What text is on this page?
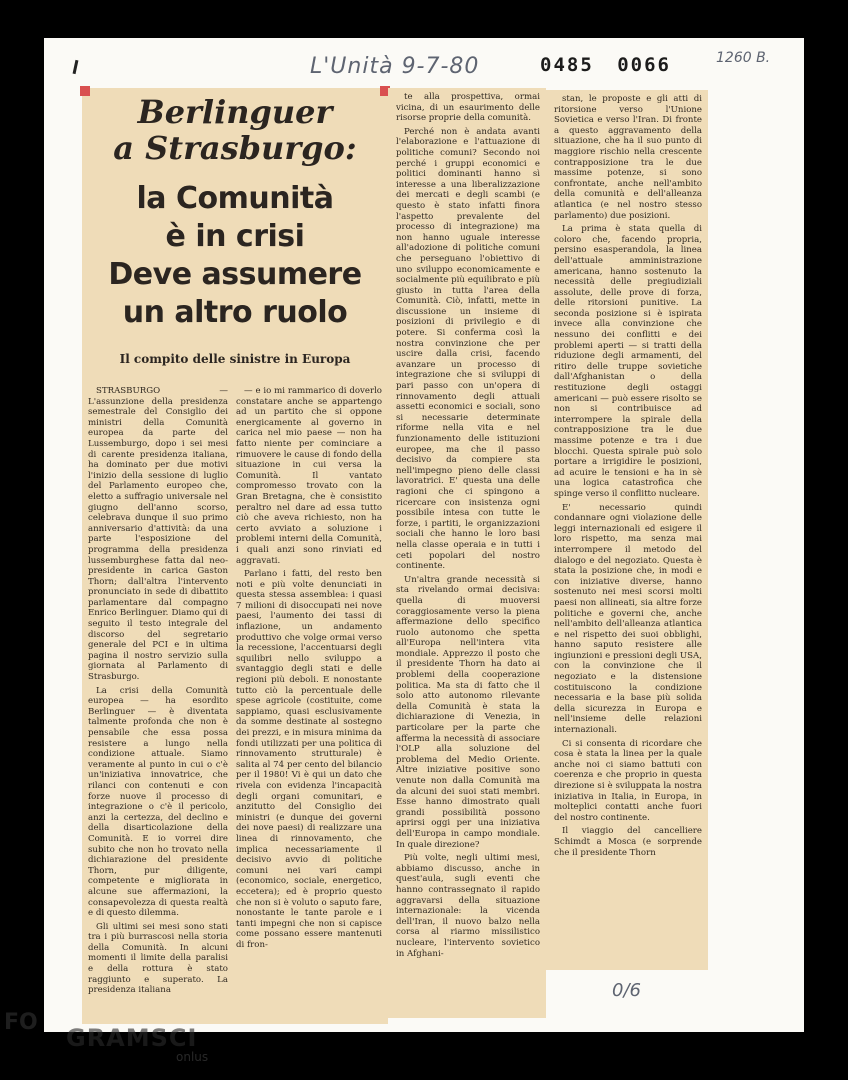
L'Unità 9-7-80	0485 0066	1260 B.
Berlinguer
a Strasburgo:
la Comunità
è in crisi
Deve assumere
un altro ruolo
Il compito delle sinistre in Europa

STRASBURGO — L'assunzione della presidenza semestrale del Consiglio dei ministri della Comunità europea da parte del Lussemburgo, dopo i sei mesi di carente presidenza italiana, ha dominato per due motivi l'inizio della sessione di luglio del Parlamento europeo che, eletto a suffragio universale nel giugno dell'anno scorso, celebrava dunque il suo primo anniversario d'attività: da una parte l'esposizione del programma della presidenza lussemburghese fatta dal neo-presidente in carica Gaston Thorn; dall'altra l'intervento pronunciato in sede di dibattito parlamentare dal compagno Enrico Berlinguer. Diamo qui di seguito il testo integrale del discorso del segretario generale del PCI e in ultima pagina il nostro servizio sulla giornata al Parlamento di Strasburgo.

La crisi della Comunità europea — ha esordito Berlinguer — è diventata talmente profonda che non è pensabile che essa possa resistere a lungo nella condizione attuale. Siamo veramente al punto in cui o c'è un'iniziativa innovatrice, che rilanci con contenuti e con forze nuove il processo di integrazione o c'è il pericolo, anzi la certezza, del declino e della disarticolazione della Comunità. E io vorrei dire subito che non ho trovato nella dichiarazione del presidente Thorn, pur diligente, competente e migliorata in alcune sue affermazioni, la consapevolezza di questa realtà e di questo dilemma.

Gli ultimi sei mesi sono stati tra i più burrascosi nella storia della Comunità. In alcuni momenti il limite della paralisi e della rottura è stato raggiunto e superato. La presidenza italiana

— e io mi rammarico di doverlo constatare anche se appartengo ad un partito che si oppone energicamente al governo in carica nel mio paese — non ha fatto niente per cominciare a rimuovere le cause di fondo della situazione in cui versa la Comunità. Il vantato compromesso trovato con la Gran Bretagna, che è consistito peraltro nel dare ad essa tutto ciò che aveva richiesto, non ha certo avviato a soluzione i problemi interni della Comunità, i quali anzi sono rinviati ed aggravati.

Parlano i fatti, del resto ben noti e più volte denunciati in questa stessa assemblea: i quasi 7 milioni di disoccupati nei nove paesi, l'aumento dei tassi di inflazione, un andamento produttivo che volge ormai verso la recessione, l'accentuarsi degli squilibri nello sviluppo a svantaggio degli stati e delle regioni più deboli. E nonostante tutto ciò la percentuale delle spese agricole (costituite, come sappiamo, quasi esclusivamente da somme destinate al sostegno dei prezzi, e in misura minima da fondi utilizzati per una politica di rinnovamento strutturale) è salita al 74 per cento del bilancio per il 1980! Vi è qui un dato che rivela con evidenza l'incapacità degli organi comunitari, e anzitutto del Consiglio dei ministri (e dunque dei governi dei nove paesi) di realizzare una linea di rinnovamento, che implica necessariamente il decisivo avvio di politiche comuni nei vari campi (economico, sociale, energetico, eccetera); ed è proprio questo che non si è voluto o saputo fare, nonostante le tante parole e i tanti impegni che non si capisce come possano essere mantenuti di fron-

te alla prospettiva, ormai vicina, di un esaurimento delle risorse proprie della comunità.

Perché non è andata avanti l'elaborazione e l'attuazione di politiche comuni? Secondo noi perché i gruppi economici e politici dominanti hanno sì interesse a una liberalizzazione dei mercati e degli scambi (e questo è stato infatti finora l'aspetto prevalente del processo di integrazione) ma non hanno uguale interesse all'adozione di politiche comuni che perseguano l'obiettivo di uno sviluppo economicamente e socialmente più equilibrato e più giusto in tutta l'area della Comunità. Ciò, infatti, mette in discussione un insieme di posizioni di privilegio e di potere. Si conferma così la nostra convinzione che per uscire dalla crisi, facendo avanzare un processo di integrazione che si sviluppi di pari passo con un'opera di rinnovamento degli attuali assetti economici e sociali, sono si necessarie determinate riforme nella vita e nel funzionamento delle istituzioni europee, ma che il passo decisivo da compiere sta nell'impegno pieno delle classi lavoratrici. E' questa una delle ragioni che ci spingono a ricercare con insistenza ogni possibile intesa con tutte le forze, i partiti, le organizzazioni sociali che hanno le loro basi nella classe operaia e in tutti i ceti popolari del nostro continente.

Un'altra grande necessità si sta rivelando ormai decisiva: quella di muoversi coraggiosamente verso la piena affermazione dello specifico ruolo autonomo che spetta all'Europa nell'intera vita mondiale. Apprezzo il posto che il presidente Thorn ha dato ai problemi della cooperazione politica. Ma sta di fatto che il solo atto autonomo rilevante della Comunità è stata la dichiarazione di Venezia, in particolare per la parte che afferma la necessità di associare l'OLP alla soluzione del problema del Medio Oriente. Altre iniziative positive sono venute non dalla Comunità ma da alcuni dei suoi stati membri. Esse hanno dimostrato quali grandi possibilità possono aprirsi oggi per una iniziativa dell'Europa in campo mondiale. In quale direzione?

Più volte, negli ultimi mesi, abbiamo discusso, anche in quest'aula, sugli eventi che hanno contrassegnato il rapido aggravarsi della situazione internazionale: la vicenda dell'Iran, il nuovo balzo nella corsa al riarmo missilistico nucleare, l'intervento sovietico in Afghani-

stan, le proposte e gli atti di ritorsione verso l'Unione Sovietica e verso l'Iran. Di fronte a questo aggravamento della situazione, che ha il suo punto di maggiore rischio nella crescente contrapposizione tra le due massime potenze, si sono confrontate, anche nell'ambito della comunità e dell'alleanza atlantica (e nel nostro stesso parlamento) due posizioni.

La prima è stata quella di coloro che, facendo propria, persino esasperandola, la linea dell'attuale amministrazione americana, hanno sostenuto la necessità delle pregiudiziali assolute, delle prove di forza, delle ritorsioni punitive. La seconda posizione si è ispirata invece alla convinzione che nessuno dei conflitti e dei problemi aperti — si tratti della riduzione degli armamenti, del ritiro delle truppe sovietiche dall'Afghanistan o della restituzione degli ostaggi americani — può essere risolto se non si contribuisce ad interrompere la spirale della contrapposizione tra le due massime potenze e tra i due blocchi. Questa spirale può solo portare a irrigidire le posizioni, ad acuire le tensioni e ha in sè una logica catastrofica che spinge verso il conflitto nucleare.

E' necessario quindi condannare ogni violazione delle leggi internazionali ed esigere il loro rispetto, ma senza mai interrompere il metodo del dialogo e del negoziato. Questa è stata la posizione che, in modi e con iniziative diverse, hanno sostenuto nei mesi scorsi molti paesi non allineati, sia altre forze politiche e governi che, anche nell'ambito dell'alleanza atlantica e nel rispetto dei suoi obblighi, hanno saputo resistere alle ingiunzioni e pressioni degli USA, con la convinzione che il negoziato e la distensione costituiscono la condizione necessaria e la base più solida della sicurezza in Europa e nell'insieme delle relazioni internazionali.

Ci si consenta di ricordare che cosa è stata la linea per la quale anche noi ci siamo battuti con coerenza e che proprio in questa direzione si è sviluppata la nostra iniziativa in Italia, in Europa, in molteplici contatti anche fuori del nostro continente.

Il viaggio del cancelliere Schimdt a Mosca (e sorprende che il presidente Thorn

0/6
FO
GRAMSCI
onlus
